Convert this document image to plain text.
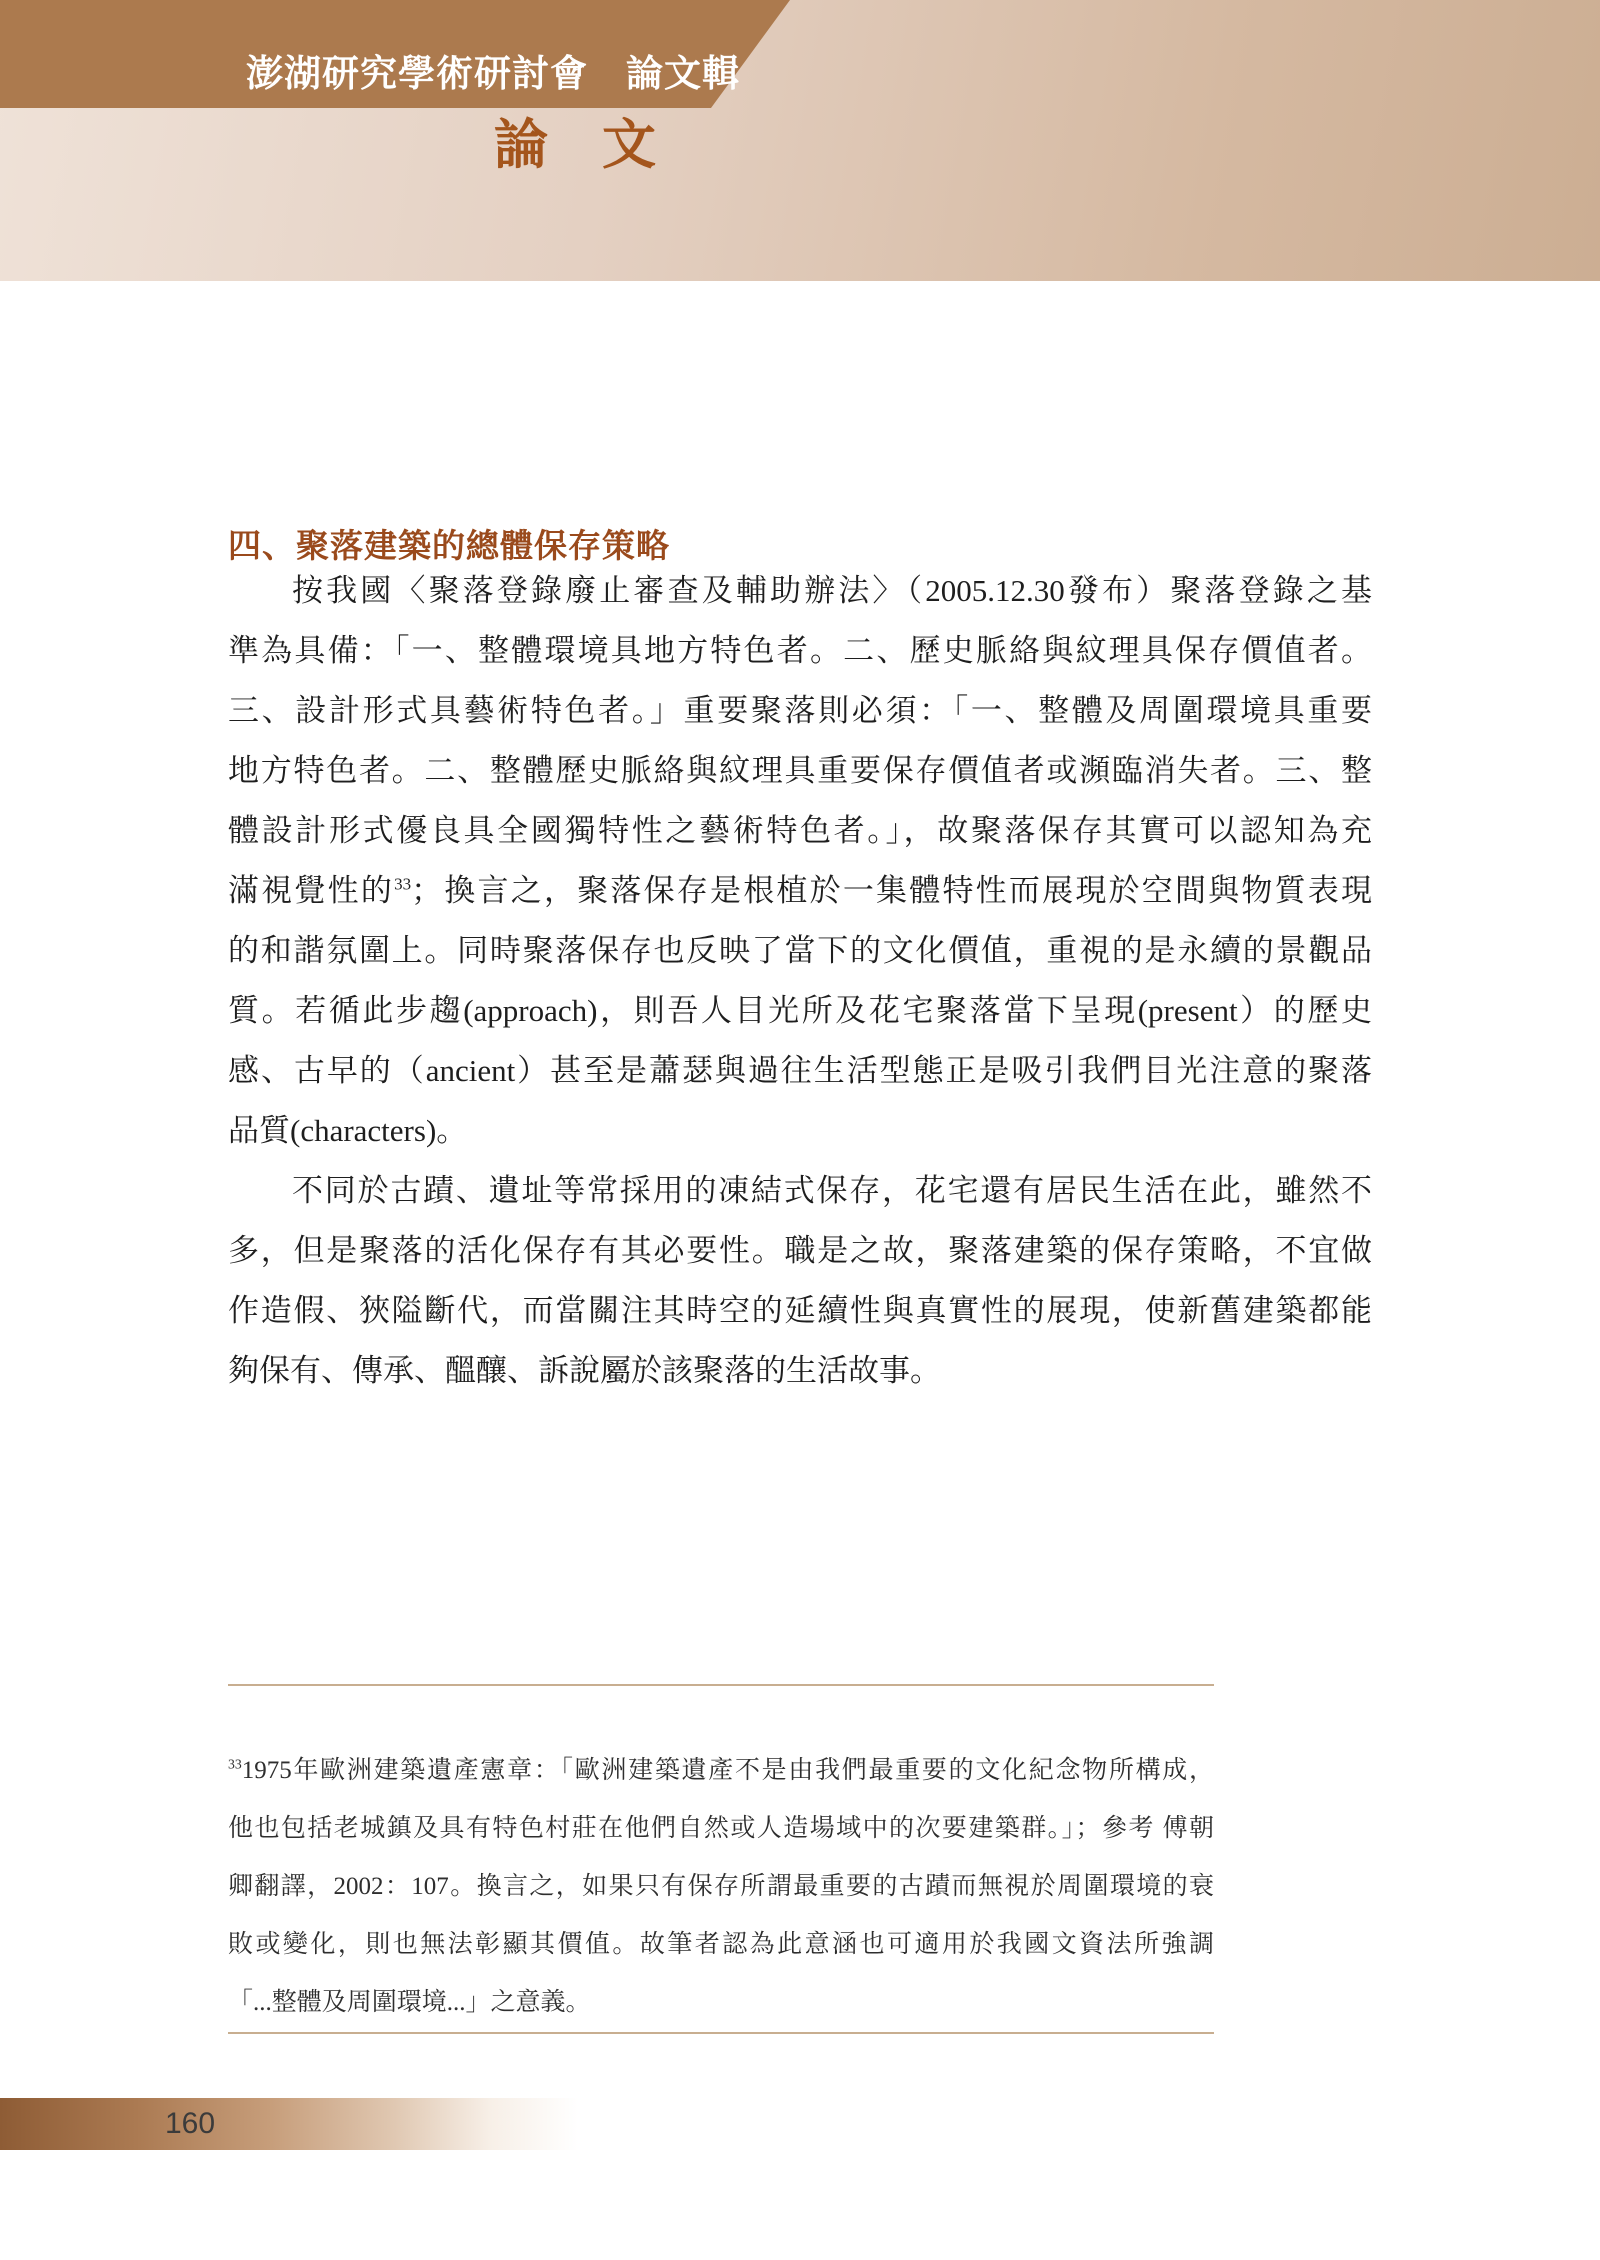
澎湖研究學術研討會　論文輯
論　文
四、聚落建築的總體保存策略
按我國〈聚落登錄廢止審查及輔助辦法〉（2005.12.30發布）聚落登錄之基
準為具備：「一、整體環境具地方特色者。二、歷史脈絡與紋理具保存價值者。
三、設計形式具藝術特色者。」重要聚落則必須：「一、整體及周圍環境具重要
地方特色者。二、整體歷史脈絡與紋理具重要保存價值者或瀕臨消失者。三、整
體設計形式優良具全國獨特性之藝術特色者。」，故聚落保存其實可以認知為充
滿視覺性的$^{33}$；換言之，聚落保存是根植於一集體特性而展現於空間與物質表現
的和諧氛圍上。同時聚落保存也反映了當下的文化價值，重視的是永續的景觀品
質。若循此步趨(approach)，則吾人目光所及花宅聚落當下呈現(present）的歷史
感、古早的（ancient）甚至是蕭瑟與過往生活型態正是吸引我們目光注意的聚落
品質(characters)。
不同於古蹟、遺址等常採用的凍結式保存，花宅還有居民生活在此，雖然不
多，但是聚落的活化保存有其必要性。職是之故，聚落建築的保存策略，不宜做
作造假、狹隘斷代，而當關注其時空的延續性與真實性的展現，使新舊建築都能
夠保有、傳承、醞釀、訴說屬於該聚落的生活故事。
$^{33}$1975年歐洲建築遺產憲章：「歐洲建築遺產不是由我們最重要的文化紀念物所構成，
他也包括老城鎮及具有特色村莊在他們自然或人造場域中的次要建築群。」；參考 傅朝
卿翻譯，2002：107。換言之，如果只有保存所謂最重要的古蹟而無視於周圍環境的衰
敗或變化，則也無法彰顯其價值。故筆者認為此意涵也可適用於我國文資法所強調
「...整體及周圍環境...」之意義。
160
